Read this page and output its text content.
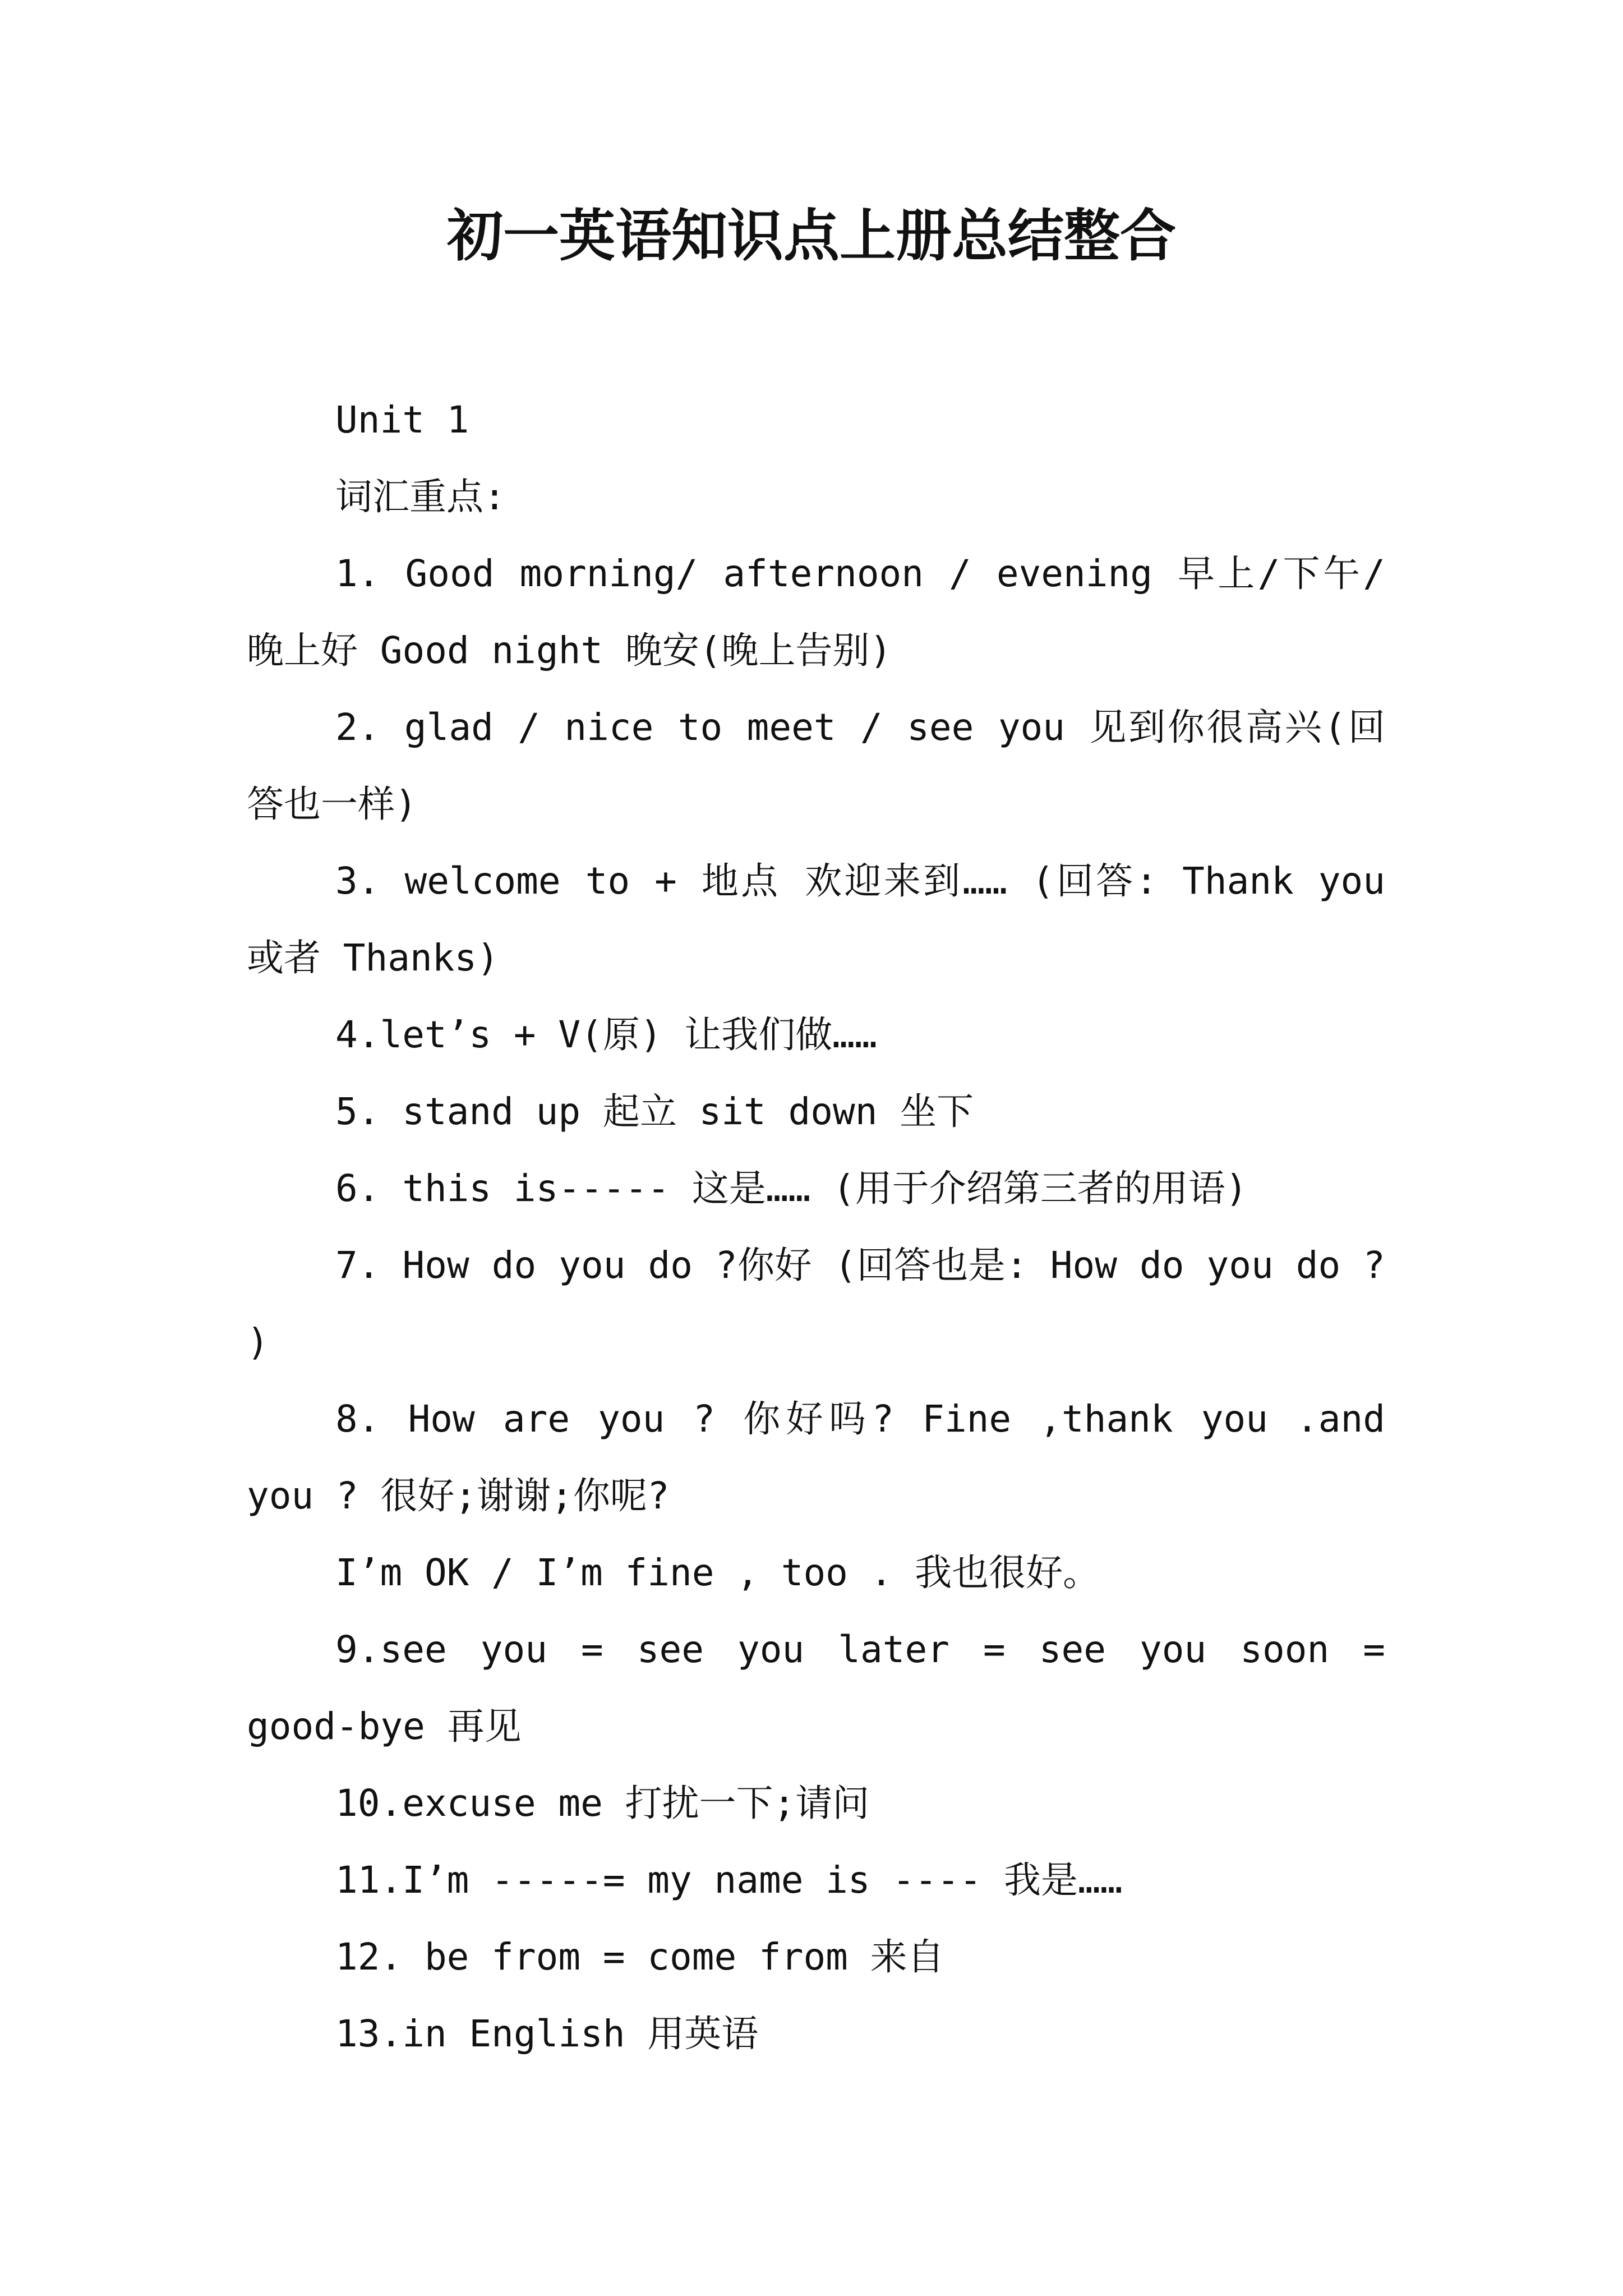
初一英语知识点上册总结整合

Unit 1

词汇重点:

1. Good morning/ afternoon / evening 早上/下午/晚上好 Good night 晚安(晚上告别)

2. glad / nice to meet / see you 见到你很高兴(回答也一样)

3. welcome to + 地点 欢迎来到…… (回答: Thank you 或者 Thanks)

4.let’s + V(原) 让我们做……

5. stand up 起立 sit down 坐下

6. this is----- 这是…… (用于介绍第三者的用语)

7. How do you do ?你好 (回答也是: How do you do ? )

8. How are you ? 你好吗? Fine ,thank you .and you ? 很好;谢谢;你呢?

I’m OK / I’m fine , too . 我也很好。

9.see you = see you later = see you soon = good-bye 再见

10.excuse me 打扰一下;请问

11.I’m -----= my name is ---- 我是……

12. be from = come from 来自

13.in English 用英语
